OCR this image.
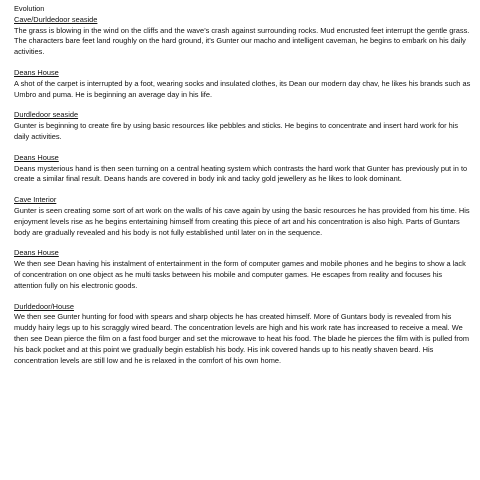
Evolution

Cave/Durldedoor seaside

The grass is blowing in the wind on the cliffs and the wave’s crash against surrounding rocks. Mud encrusted feet interrupt the gentle grass. The characters bare feet land roughly on the hard ground, it’s Gunter our macho and intelligent caveman, he begins to embark on his daily activities.

Deans House

A shot of the carpet is interrupted by a foot, wearing socks and insulated clothes, its Dean our modern day chav, he likes his brands such as Umbro and puma. He is beginning an average day in his life.

Durdledoor seaside

Gunter is beginning to create fire by using basic resources like pebbles and sticks. He begins to concentrate and insert hard work for his daily activities.

Deans House

Deans mysterious hand is then seen turning on a central heating system which contrasts the hard work that Gunter has previously put in to create a similar final result. Deans hands are covered in body ink and tacky gold jewellery as he likes to look dominant.

Cave Interior

Gunter is seen creating some sort of art work on the walls of his cave again by using the basic resources he has provided from his time. His enjoyment levels rise as he begins entertaining himself from creating this piece of art and his concentration is also high. Parts of Guntars body are gradually revealed and his body is not fully established until later on in the sequence.

Deans House

We then see Dean having his instalment of entertainment in the form of computer games and mobile phones and he begins to show a lack of concentration on one object as he multi tasks between his mobile and computer games. He escapes from reality and focuses his attention fully on his electronic goods.

Durldedoor/House

We then see Gunter hunting for food with spears and sharp objects he has created himself. More of Guntars body is revealed from his muddy hairy legs up to his scraggly wired beard. The concentration levels are high and his work rate has increased to receive a meal. We then see Dean pierce the film on a fast food burger and set the microwave to heat his food. The blade he pierces the film with is pulled from his back pocket and at this point we gradually begin establish his body. His ink covered hands up to his neatly shaven beard. His concentration levels are still low and he is relaxed in the comfort of his own home.
